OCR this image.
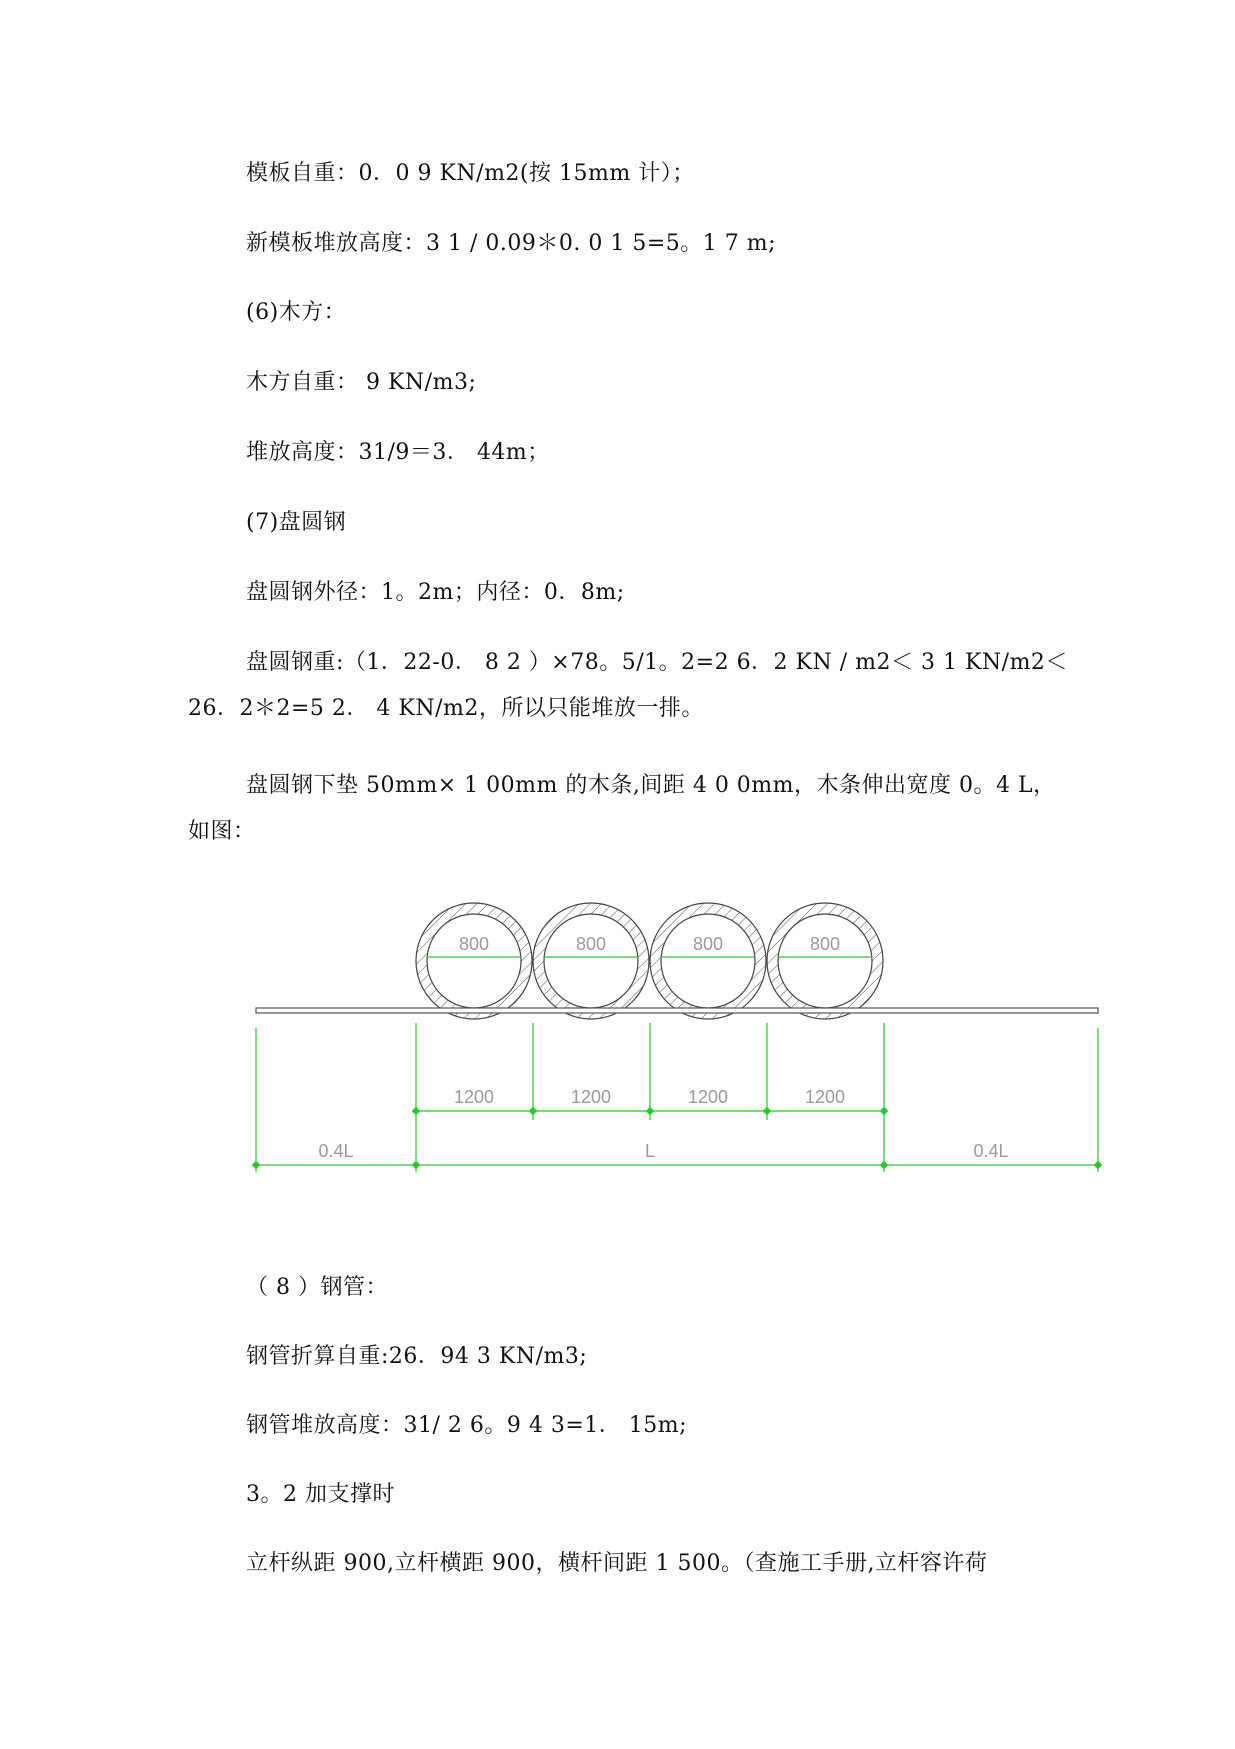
模板自重：0．0 9 KN/m2(按 15mm 计）；
新模板堆放高度：3 1 / 0.09＊0. 0 1 5=5。1 7 m;
(6)木方：
木方自重： 9 KN/m3;
堆放高度：31/9＝3． 44m；
(7)盘圆钢
盘圆钢外径：1。2m；内径：0．8m;
盘圆钢重:（1．22-0． 8 2 ）×78。5/1。2=2 6．2 KN / m2＜ 3 1 KN/m2＜
26．2＊2=5 2． 4 KN/m2，所以只能堆放一排。
盘圆钢下垫 50mm× 1 00mm 的木条,间距 4 0 0mm，木条伸出宽度 0。4 L，
如图：
800	800	800	800
1200	1200	1200	1200
0.4L	L	0.4L
（ 8 ）钢管：
钢管折算自重:26．94 3 KN/m3;
钢管堆放高度：31/ 2 6。9 4 3=1． 15m;
3。2 加支撑时
立杆纵距 900,立杆横距 900，横杆间距 1 500。（查施工手册,立杆容许荷
